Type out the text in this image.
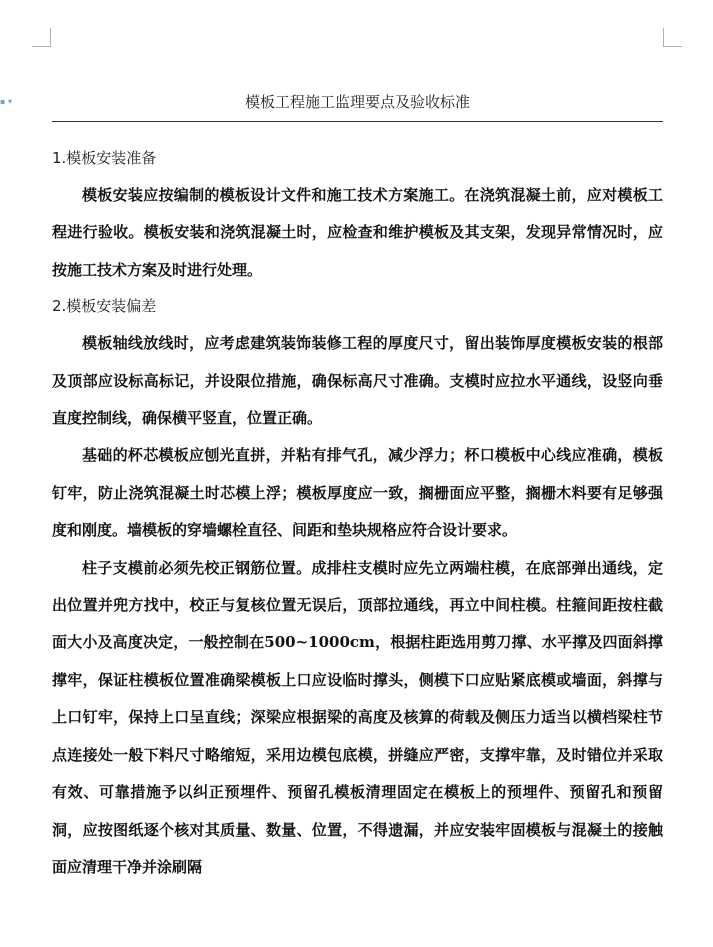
▪ ▾	模板工程施工监理要点及验收标准
1.模板安装准备

模板安装应按编制的模板设计文件和施工技术方案施工。在浇筑混凝土前，应对模板工程进行验收。模板安装和浇筑混凝土时，应检查和维护模板及其支架，发现异常情况时，应按施工技术方案及时进行处理。

2.模板安装偏差

模板轴线放线时，应考虑建筑装饰装修工程的厚度尺寸，留出装饰厚度模板安装的根部及顶部应设标高标记，并设限位措施，确保标高尺寸准确。支模时应拉水平通线，设竖向垂直度控制线，确保横平竖直，位置正确。

基础的杯芯模板应刨光直拼，并粘有排气孔，减少浮力；杯口模板中心线应准确，模板钉牢，防止浇筑混凝土时芯模上浮；模板厚度应一致，搁栅面应平整，搁栅木料要有足够强度和刚度。墙模板的穿墙螺栓直径、间距和垫块规格应符合设计要求。

柱子支模前必须先校正钢筋位置。成排柱支模时应先立两端柱模，在底部弹出通线，定出位置并兜方找中，校正与复核位置无误后，顶部拉通线，再立中间柱模。柱箍间距按柱截面大小及高度决定，一般控制在500~1000cm，根据柱距选用剪刀撑、水平撑及四面斜撑撑牢，保证柱模板位置准确梁模板上口应设临时撑头，侧模下口应贴紧底模或墙面，斜撑与上口钉牢，保持上口呈直线；深梁应根据梁的高度及核算的荷载及侧压力适当以横档梁柱节点连接处一般下料尺寸略缩短，采用边模包底模，拼缝应严密，支撑牢靠，及时错位并采取有效、可靠措施予以纠正预埋件、预留孔模板清理固定在模板上的预埋件、预留孔和预留洞，应按图纸逐个核对其质量、数量、位置，不得遗漏，并应安装牢固模板与混凝土的接触面应清理干净并涂刷隔
